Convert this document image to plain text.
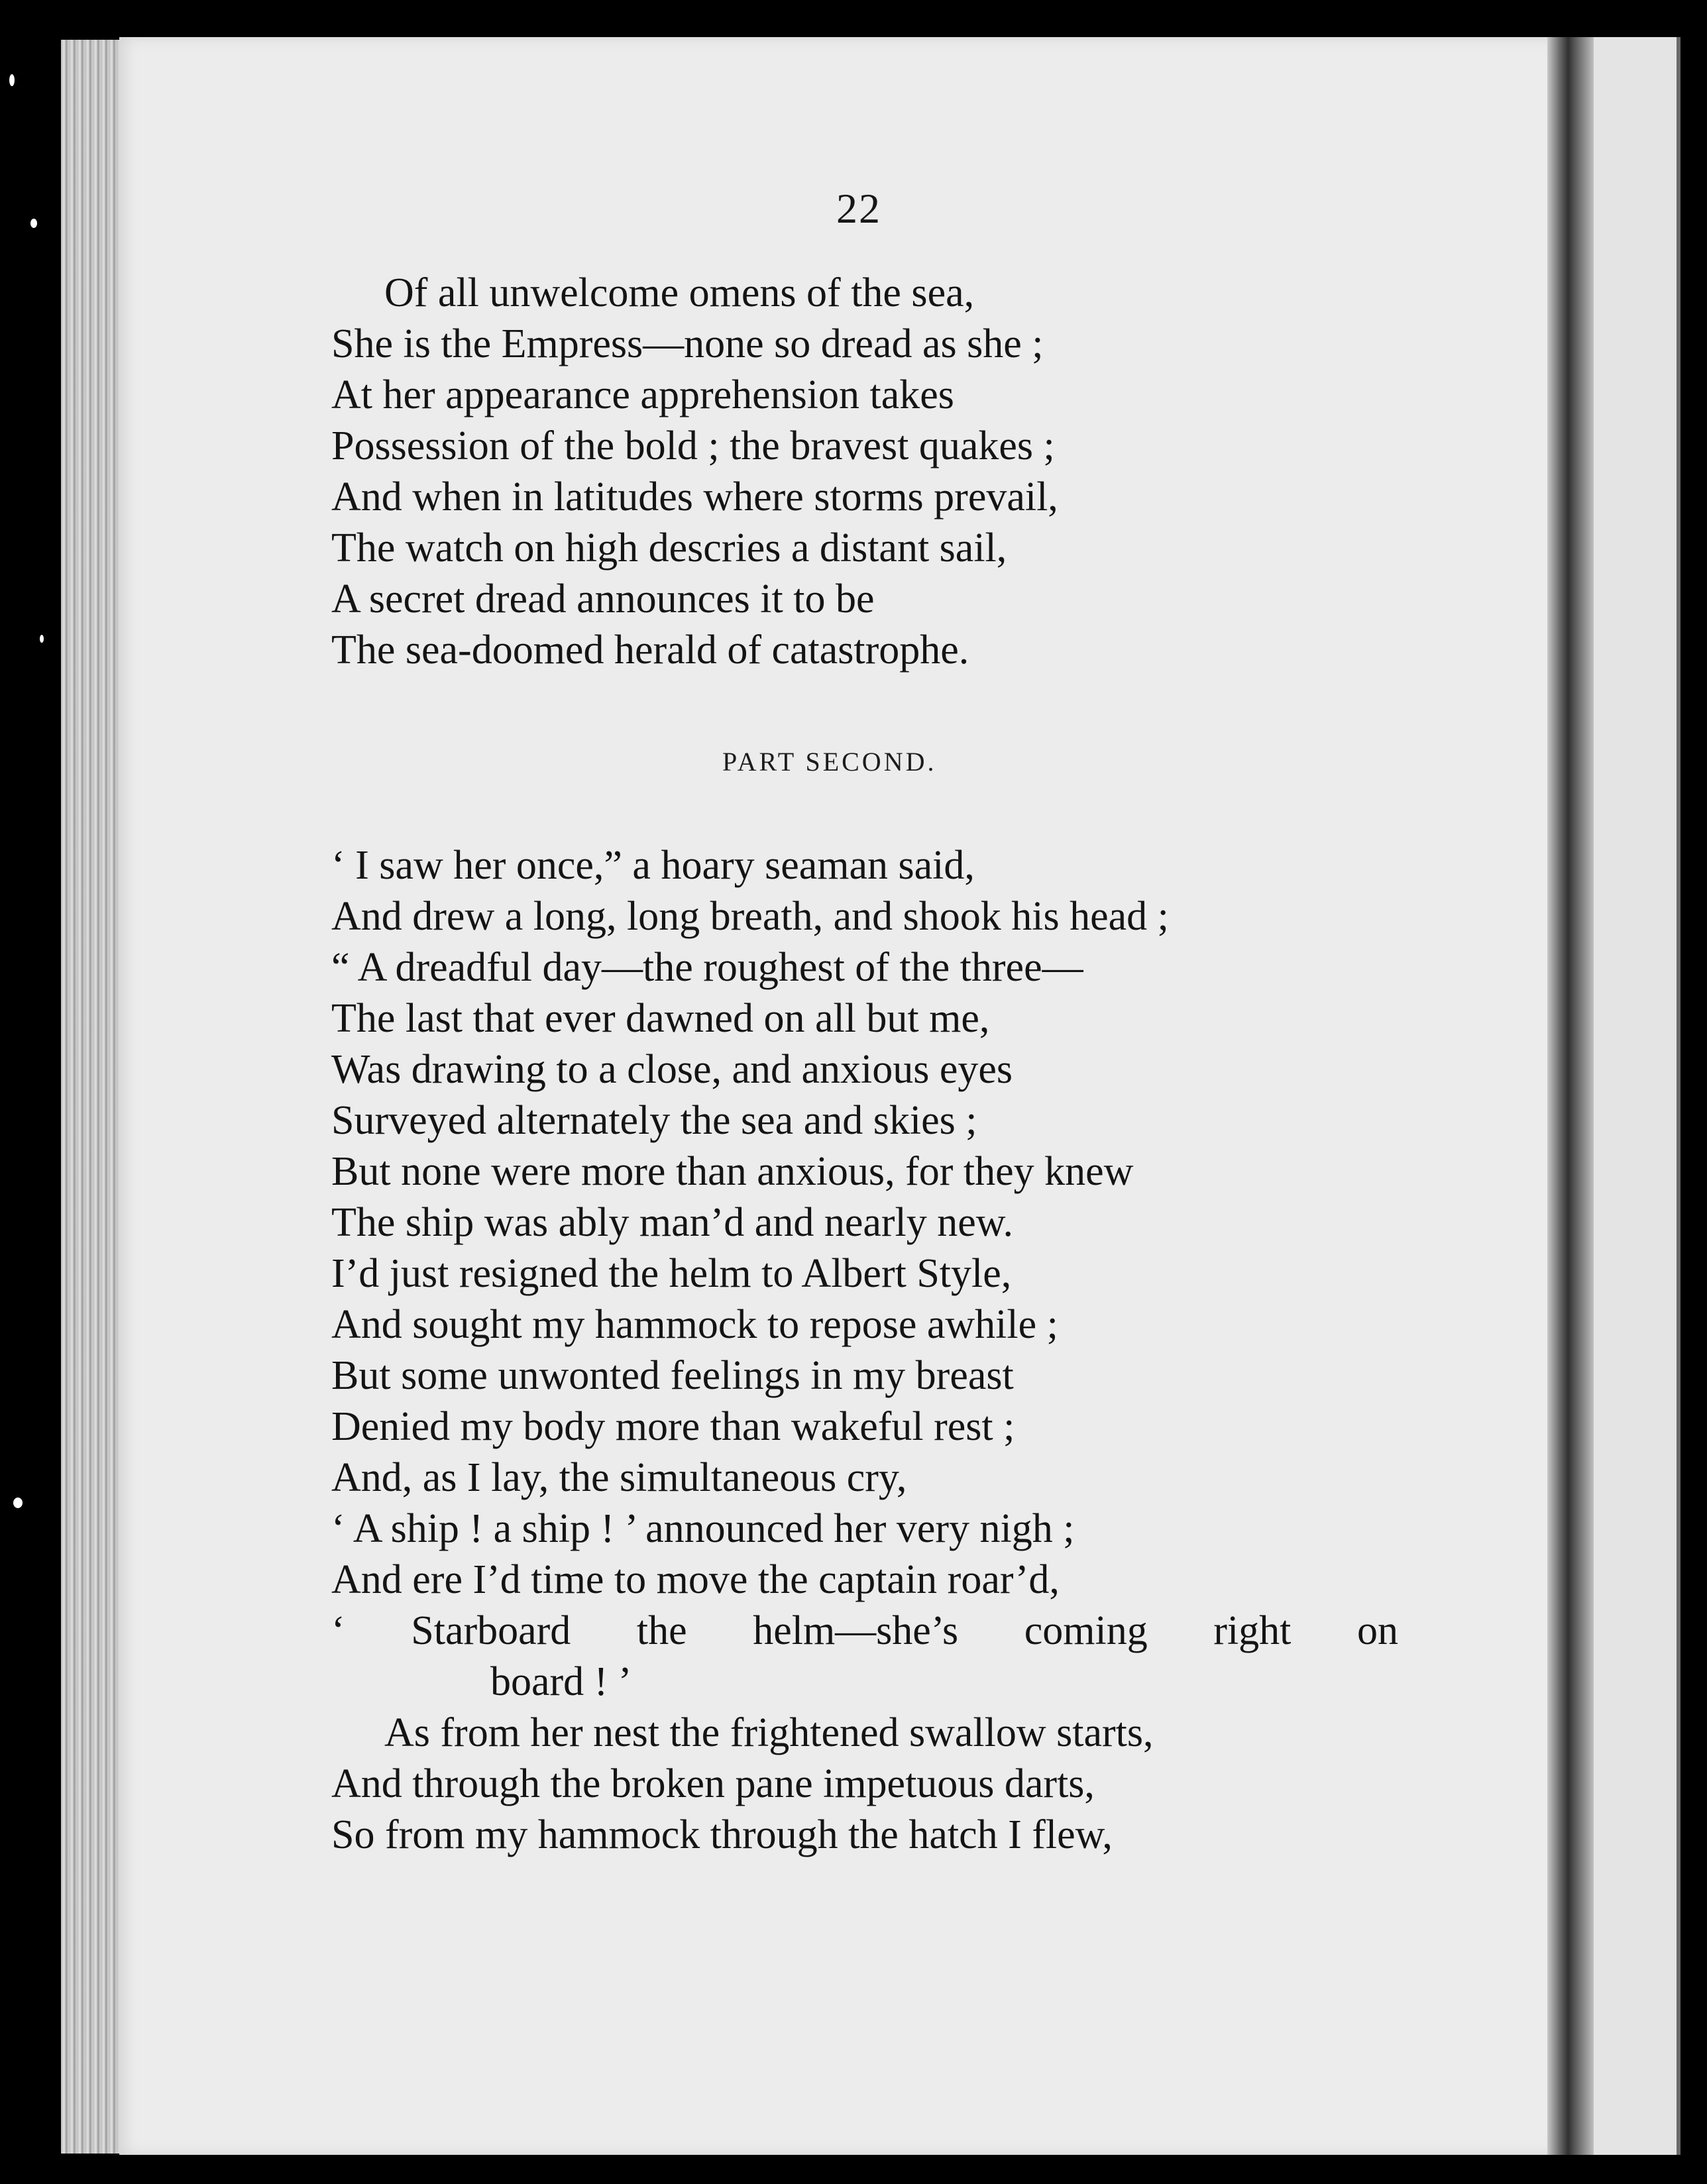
22
Of all unwelcome omens of the sea,
She is the Empress—none so dread as she ;
At her appearance apprehension takes
Possession of the bold ; the bravest quakes ;
And when in latitudes where storms prevail,
The watch on high descries a distant sail,
A secret dread announces it to be
The sea-doomed herald of catastrophe.
PART SECOND.
‘ I saw her once,” a hoary seaman said,
And drew a long, long breath, and shook his head ;
“ A dreadful day—the roughest of the three—
The last that ever dawned on all but me,
Was drawing to a close, and anxious eyes
Surveyed alternately the sea and skies ;
But none were more than anxious, for they knew
The ship was ably man’d and nearly new.
I’d just resigned the helm to Albert Style,
And sought my hammock to repose awhile ;
But some unwonted feelings in my breast
Denied my body more than wakeful rest ;
And, as I lay, the simultaneous cry,
‘ A ship ! a ship ! ’ announced her very nigh ;
And ere I’d time to move the captain roar’d,
‘ Starboard the helm—she’s coming right on
board ! ’
As from her nest the frightened swallow starts,
And through the broken pane impetuous darts,
So from my hammock through the hatch I flew,
